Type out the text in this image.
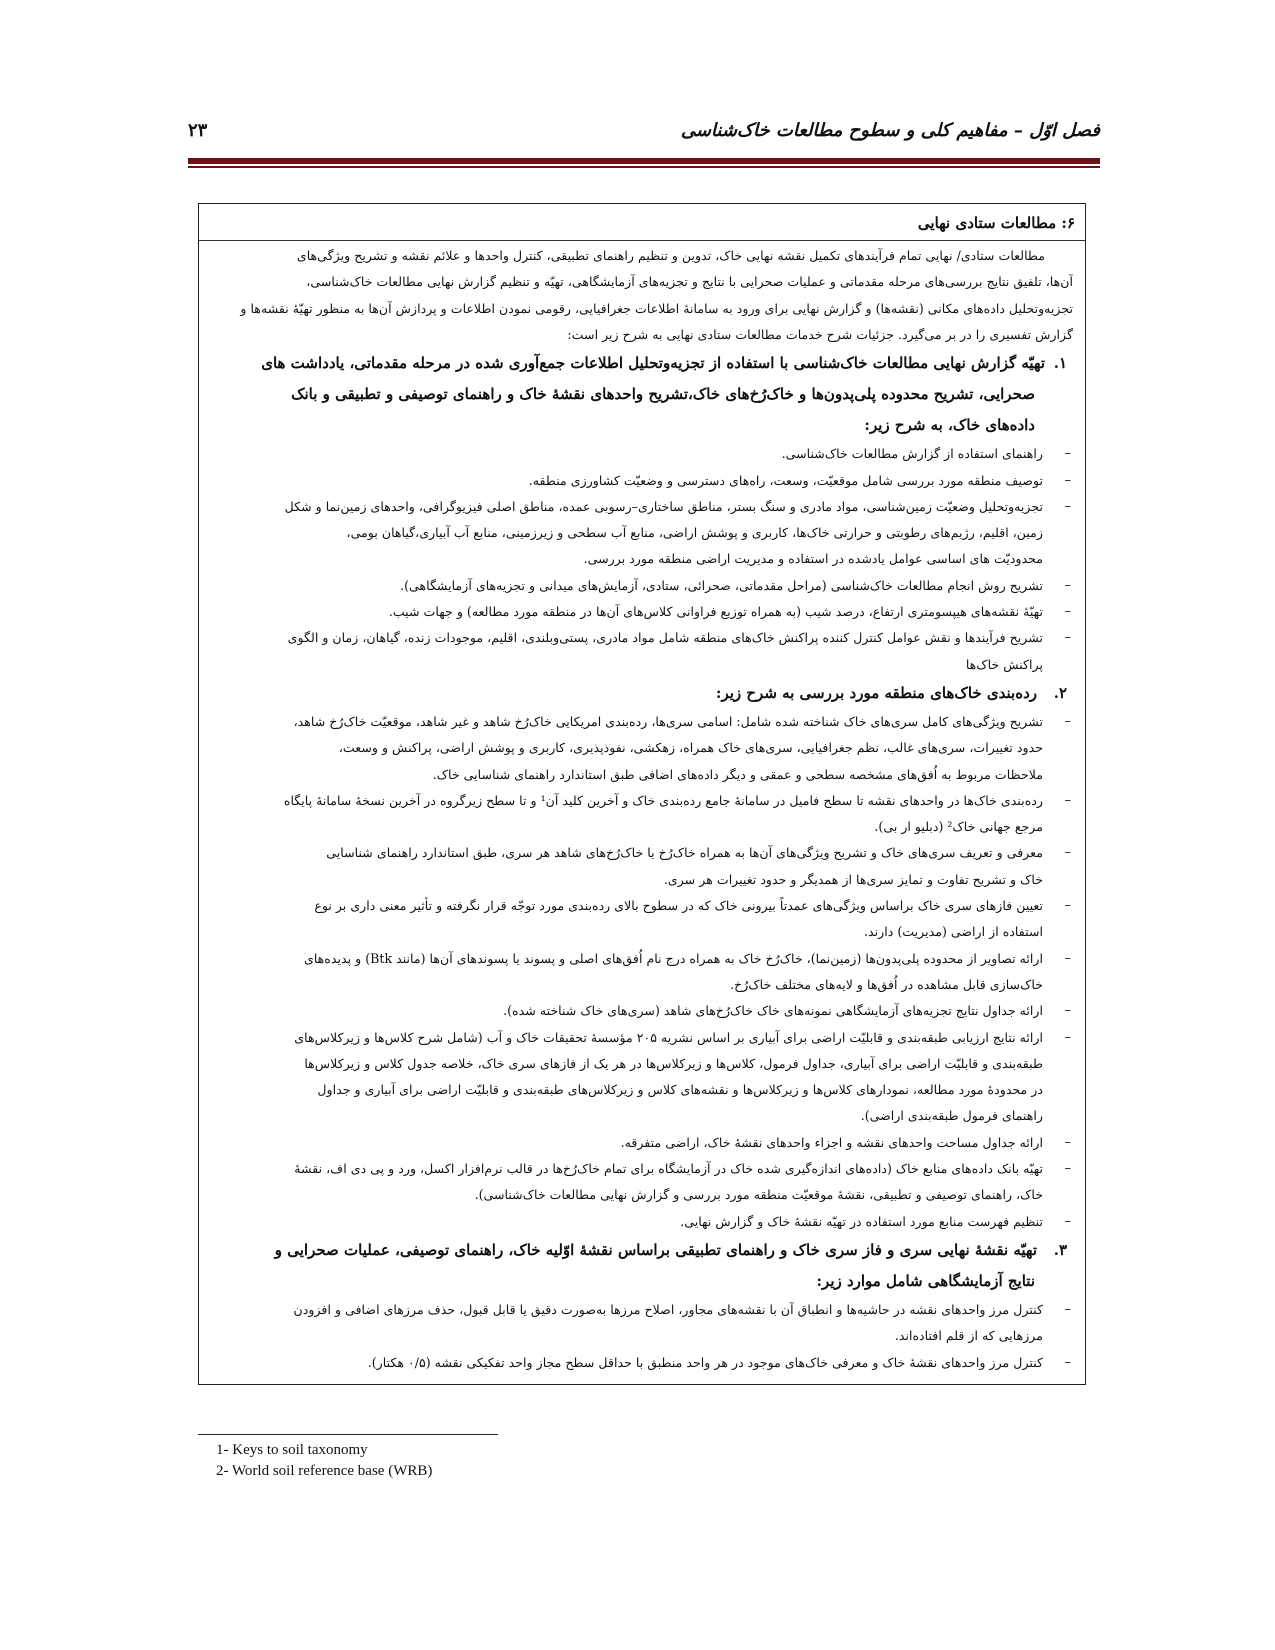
فصل اوّل – مفاهیم کلی و سطوح مطالعات خاک‌شناسی
۲۳
۶: مطالعات ستادی نهایی
مطالعات ستادی/ نهایی تمام فرآیندهای تکمیل نقشه نهایی خاک، تدوین و تنظیم راهنمای تطبیقی، کنترل واحدها و علائم نقشه و تشریح ویژگی‌های
آن‌ها، تلفیق نتایج بررسی‌های مرحله مقدماتی و عملیات صحرایی با نتایج و تجزیه‌های آزمایشگاهی، تهیّه و تنظیم گزارش نهایی مطالعات خاک‌شناسی،
تجزیه‌وتحلیل داده‌های مکانی (نقشه‌ها) و گزارش نهایی برای ورود به سامانهٔ اطلاعات جغرافیایی، رقومی نمودن اطلاعات و پردازش آن‌ها به منظور تهیّهٔ نقشه‌ها و
گزارش تفسیری را در بر می‌گیرد. جزئیات شرح خدمات مطالعات ستادی نهایی به شرح زیر است:
۱.
تهیّه گزارش نهایی مطالعات خاک‌شناسی با استفاده از تجزیه‌وتحلیل اطلاعات جمع‌آوری شده در مرحله مقدماتی، یادداشت های
صحرایی، تشریح محدوده پلی‌پدون‌ها و خاک‌رُخ‌های خاک،تشریح واحدهای نقشهٔ خاک و راهنمای توصیفی و تطبیقی و بانک
داده‌های خاک، به شرح زیر:
–
راهنمای استفاده از گزارش مطالعات خاک‌شناسی.
–
توصیف منطقه مورد بررسی شامل موقعیّت، وسعت، راه‌های دسترسی و وضعیّت کشاورزی منطقه.
–
تجزیه‌وتحلیل وضعیّت زمین‌شناسی، مواد مادری و سنگ بستر، مناطق ساختاری–رسوبی عمده، مناطق اصلی فیزیوگرافی، واحدهای زمین‌نما و شکل
زمین، اقلیم، رژیم‌های رطوبتی و حرارتی خاک‌ها، کاربری و پوشش اراضی، منابع آب سطحی و زیرزمینی، منابع آب آبیاری،گیاهان بومی،
محدودیّت های اساسی عوامل یادشده در استفاده و مدیریت اراضی منطقه مورد بررسی.
–
تشریح روش انجام مطالعات خاک‌شناسی (مراحل مقدماتی، صحرائی، ستادی، آزمایش‌های میدانی و تجزیه‌های آزمایشگاهی).
–
تهیّهٔ نقشه‌های هیپسومتری ارتفاع، درصد شیب (به همراه توزیع فراوانی کلاس‌های آن‌ها در منطقه مورد مطالعه) و جهات شیب.
–
تشریح فرآیندها و نقش عوامل کنترل کننده پراکنش خاک‌های منطقه شامل مواد مادری، پستی‌وبلندی، اقلیم، موجودات زنده، گیاهان، زمان و الگوی
پراکنش خاک‌ها
۲.
رده‌بندی خاک‌های منطقه مورد بررسی به شرح زیر:
–
تشریح ویژگی‌های کامل سری‌های خاک شناخته شده شامل: اسامی سری‌ها، رده‌بندی امریکایی خاک‌رُخ شاهد و غیر شاهد، موقعیّت خاک‌رُخ شاهد،
حدود تغییرات، سری‌های غالب، نظم جغرافیایی، سری‌های خاک همراه، زهکشی، نفوذپذیری، کاربری و پوشش اراضی، پراکنش و وسعت،
ملاحظات مربوط به اُفق‌های مشخصه سطحی و عمقی و دیگر داده‌های اضافی طبق استاندارد راهنمای شناسایی خاک.
–
رده‌بندی خاک‌ها در واحدهای نقشه تا سطح فامیل در سامانهٔ جامع رده‌بندی خاک و آخرین کلید آن¹ و تا سطح زیرگروه در آخرین نسخهٔ سامانهٔ پایگاه
مرجع جهانی خاک² (دبلیو ار بی).
–
معرفی و تعریف سری‌های خاک و تشریح ویژگی‌های آن‌ها به همراه خاک‌رُخ یا خاک‌رُخ‌های شاهد هر سری، طبق استاندارد راهنمای شناسایی
خاک و تشریح تفاوت و تمایز سری‌ها از همدیگر و حدود تغییرات هر سری.
–
تعیین فازهای سری خاک براساس ویژگی‌های عمدتاً بیرونی خاک که در سطوح بالای رده‌بندی مورد توجّه قرار نگرفته و تأثیر معنی داری بر نوع
استفاده از اراضی (مدیریت) دارند.
–
ارائه تصاویر از محدوده پلی‌پدون‌ها (زمین‌نما)، خاک‌رُخ خاک به همراه درج نام اُفق‌های اصلی و پسوند یا پسوندهای آن‌ها (مانند Btk) و پدیده‌های
خاک‌سازی قابل مشاهده در اُفق‌ها و لایه‌های مختلف خاک‌رُخ.
–
ارائه جداول نتایج تجزیه‌های آزمایشگاهی نمونه‌های خاک خاک‌رُخ‌های شاهد (سری‌های خاک شناخته شده).
–
ارائه نتایج ارزیابی طبقه‌بندی و قابلیّت اراضی برای آبیاری بر اساس نشریه ۲۰۵ مؤسسهٔ تحقیقات خاک و آب (شامل شرح کلاس‌ها و زیرکلاس‌های
طبقه‌بندی و قابلیّت اراضی برای آبیاری، جداول فرمول، کلاس‌ها و زیرکلاس‌ها در هر یک از فازهای سری خاک، خلاصه جدول کلاس و زیرکلاس‌ها
در محدودهٔ مورد مطالعه، نمودارهای کلاس‌ها و زیرکلاس‌ها و نقشه‌های کلاس و زیرکلاس‌های طبقه‌بندی و قابلیّت اراضی برای آبیاری و جداول
راهنمای فرمول طبقه‌بندی اراضی).
–
ارائه جداول مساحت واحدهای نقشه و اجزاء واحدهای نقشهٔ خاک، اراضی متفرقه.
–
تهیّه بانک داده‌های منابع خاک (داده‌های اندازه‌گیری شده خاک در آزمایشگاه برای تمام خاک‌رُخ‌ها در قالب نرم‌افزار اکسل، ورد و پی دی اف، نقشهٔ
خاک، راهنمای توصیفی و تطبیقی، نقشهٔ موقعیّت منطقه مورد بررسی و گزارش نهایی مطالعات خاک‌شناسی).
–
تنظیم فهرست منابع مورد استفاده در تهیّه نقشهٔ خاک و گزارش نهایی.
۳.
تهیّه نقشهٔ نهایی سری و فاز سری خاک و راهنمای تطبیقی براساس نقشهٔ اوّلیه خاک، راهنمای توصیفی، عملیات صحرایی و
نتایج آزمایشگاهی شامل موارد زیر:
–
کنترل مرز واحدهای نقشه در حاشیه‌ها و انطباق آن با نقشه‌های مجاور، اصلاح مرزها به‌صورت دقیق یا قابل قبول، حذف مرزهای اضافی و افزودن
مرزهایی که از قلم افتاده‌اند.
–
کنترل مرز واحدهای نقشهٔ خاک و معرفی خاک‌های موجود در هر واحد منطبق با حداقل سطح مجاز واحد تفکیکی نقشه (۰/۵ هکتار).
1- Keys to soil taxonomy
2- World soil reference base (WRB)
